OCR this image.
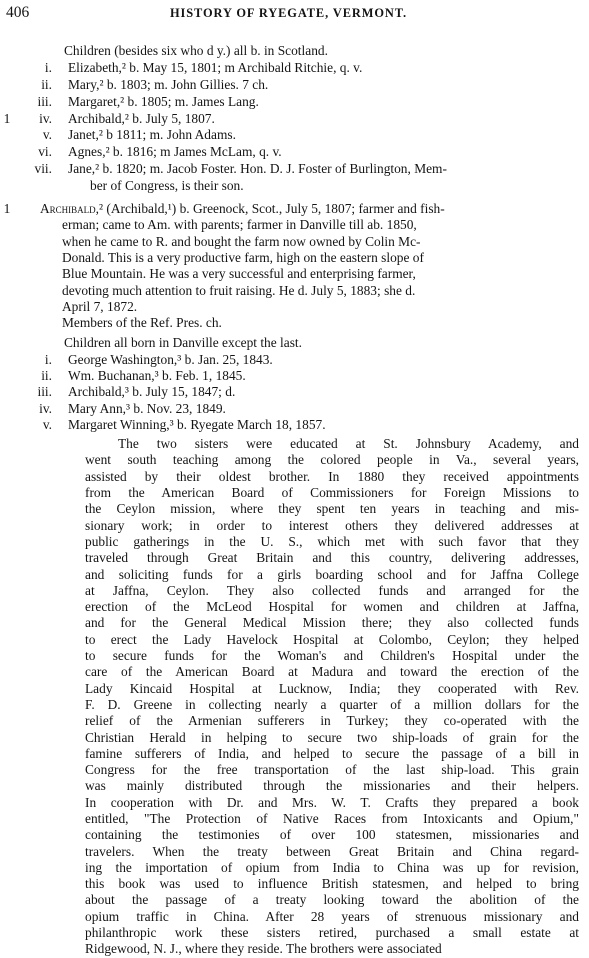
406	HISTORY OF RYEGATE, VERMONT.
Children (besides six who d y.) all b. in Scotland.
i. Elizabeth,² b. May 15, 1801; m Archibald Ritchie, q. v.
ii. Mary,² b. 1803; m. John Gillies. 7 ch.
iii. Margaret,² b. 1805; m. James Lang.
1	iv. Archibald,² b. July 5, 1807.
v. Janet,² b 1811; m. John Adams.
vi. Agnes,² b. 1816; m James McLam, q. v.
vii. Jane,² b. 1820; m. Jacob Foster. Hon. D. J. Foster of Burlington, Mem-
ber of Congress, is their son.
1 Archibald,² (Archibald,¹) b. Greenock, Scot., July 5, 1807; farmer and fish-
erman; came to Am. with parents; farmer in Danville till ab. 1850,
when he came to R. and bought the farm now owned by Colin Mc-
Donald. This is a very productive farm, high on the eastern slope of
Blue Mountain. He was a very successful and enterprising farmer,
devoting much attention to fruit raising. He d. July 5, 1883; she d.
April 7, 1872.
Members of the Ref. Pres. ch.
Children all born in Danville except the last.
i. George Washington,³ b. Jan. 25, 1843.
ii. Wm. Buchanan,³ b. Feb. 1, 1845.
iii. Archibald,³ b. July 15, 1847; d.
iv. Mary Ann,³ b. Nov. 23, 1849.
v. Margaret Winning,³ b. Ryegate March 18, 1857.
The two sisters were educated at St. Johnsbury Academy, and
went south teaching among the colored people in Va., several years,
assisted by their oldest brother. In 1880 they received appointments
from the American Board of Commissioners for Foreign Missions to
the Ceylon mission, where they spent ten years in teaching and mis-
sionary work; in order to interest others they delivered addresses at
public gatherings in the U. S., which met with such favor that they
traveled through Great Britain and this country, delivering addresses,
and soliciting funds for a girls boarding school and for Jaffna College
at Jaffna, Ceylon. They also collected funds and arranged for the
erection of the McLeod Hospital for women and children at Jaffna,
and for the General Medical Mission there; they also collected funds
to erect the Lady Havelock Hospital at Colombo, Ceylon; they helped
to secure funds for the Woman's and Children's Hospital under the
care of the American Board at Madura and toward the erection of the
Lady Kincaid Hospital at Lucknow, India; they cooperated with Rev.
F. D. Greene in collecting nearly a quarter of a million dollars for the
relief of the Armenian sufferers in Turkey; they co-operated with the
Christian Herald in helping to secure two ship-loads of grain for the
famine sufferers of India, and helped to secure the passage of a bill in
Congress for the free transportation of the last ship-load. This grain
was mainly distributed through the missionaries and their helpers.
In cooperation with Dr. and Mrs. W. T. Crafts they prepared a book
entitled, "The Protection of Native Races from Intoxicants and Opium,"
containing the testimonies of over 100 statesmen, missionaries and
travelers. When the treaty between Great Britain and China regard-
ing the importation of opium from India to China was up for revision,
this book was used to influence British statesmen, and helped to bring
about the passage of a treaty looking toward the abolition of the
opium traffic in China. After 28 years of strenuous missionary and
philanthropic work these sisters retired, purchased a small estate at
Ridgewood, N. J., where they reside. The brothers were associated
